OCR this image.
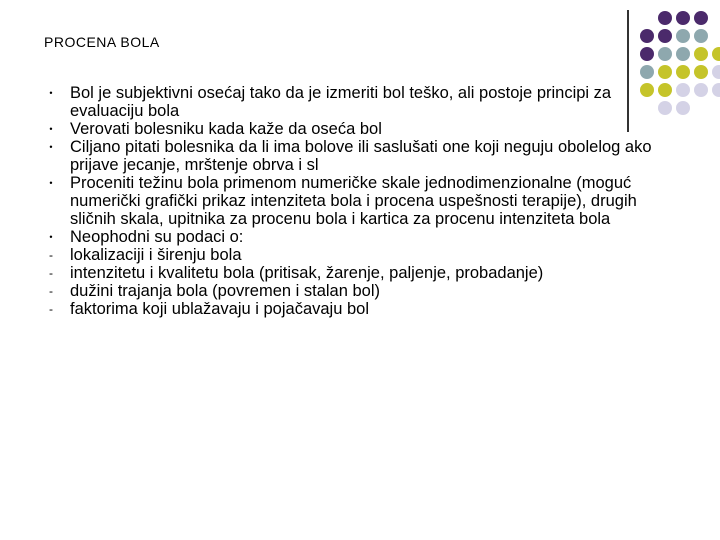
PROCENA BOLA
•	Bol je subjektivni osećaj tako da je izmeriti bol teško, ali postoje principi za evaluaciju bola
•	Verovati bolesniku kada kaže da oseća bol
•	Ciljano pitati bolesnika da li ima bolove ili saslušati one koji neguju obolelog ako prijave jecanje, mrštenje obrva i sl
•	Proceniti težinu bola primenom numeričke skale jednodimenzionalne (moguć numerički grafički prikaz intenziteta bola i procena uspešnosti terapije), drugih sličnih skala, upitnika za procenu bola i kartica za procenu intenziteta bola
•	Neophodni su podaci o:
-	lokalizaciji i širenju bola
-	intenzitetu i kvalitetu bola (pritisak, žarenje, paljenje, probadanje)
-	dužini trajanja bola (povremen i stalan bol)
-	faktorima koji ublažavaju i pojačavaju bol
